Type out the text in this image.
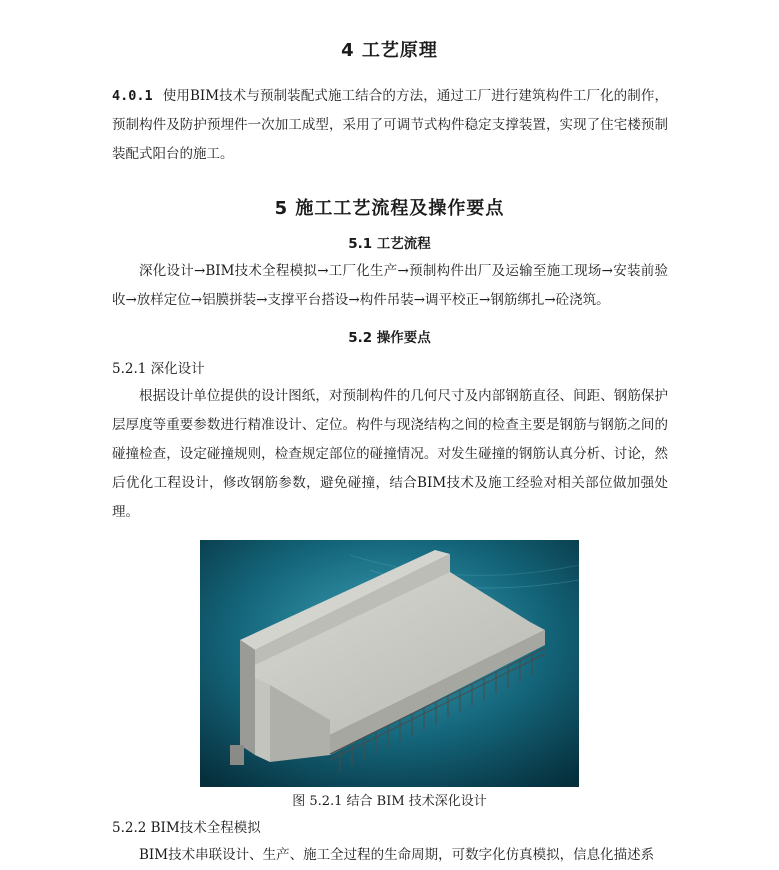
4 工艺原理
4.0.1 使用BIM技术与预制装配式施工结合的方法，通过工厂进行建筑构件工厂化的制作，预制构件及防护预埋件一次加工成型，采用了可调节式构件稳定支撑装置，实现了住宅楼预制装配式阳台的施工。
5 施工工艺流程及操作要点
5.1 工艺流程
深化设计→BIM技术全程模拟→工厂化生产→预制构件出厂及运输至施工现场→安装前验收→放样定位→铝膜拼装→支撑平台搭设→构件吊装→调平校正→钢筋绑扎→砼浇筑。
5.2 操作要点
5.2.1 深化设计
根据设计单位提供的设计图纸，对预制构件的几何尺寸及内部钢筋直径、间距、钢筋保护层厚度等重要参数进行精准设计、定位。构件与现浇结构之间的检查主要是钢筋与钢筋之间的碰撞检查，设定碰撞规则，检查规定部位的碰撞情况。对发生碰撞的钢筋认真分析、讨论，然后优化工程设计，修改钢筋参数，避免碰撞，结合BIM技术及施工经验对相关部位做加强处理。
图 5.2.1 结合 BIM 技术深化设计
5.2.2 BIM技术全程模拟
BIM技术串联设计、生产、施工全过程的生命周期，可数字化仿真模拟，信息化描述系
